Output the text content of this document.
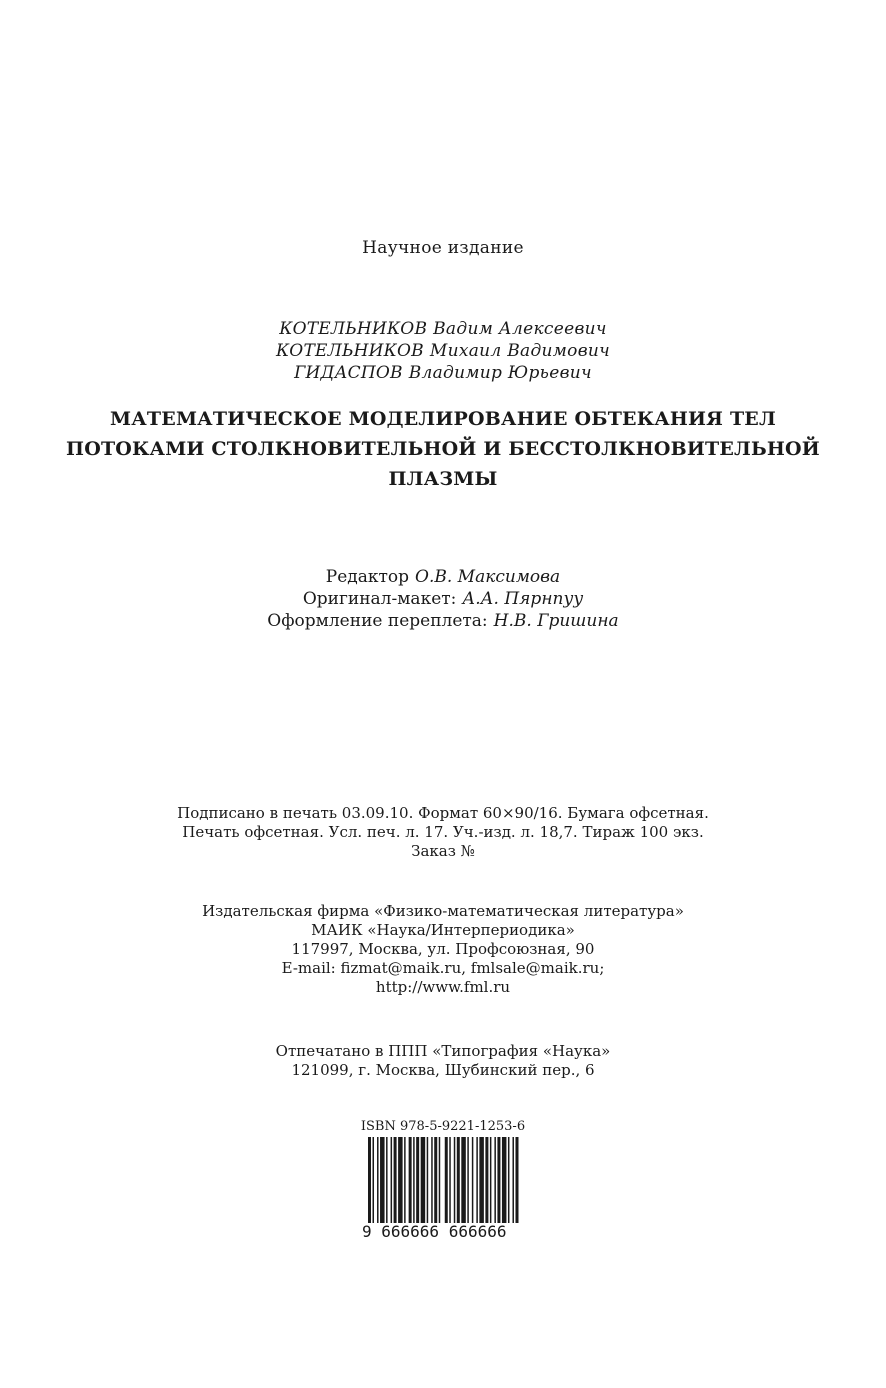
Научное издание
КОТЕЛЬНИКОВ Вадим Алексеевич
КОТЕЛЬНИКОВ Михаил Вадимович
ГИДАСПОВ Владимир Юрьевич
МАТЕМАТИЧЕСКОЕ МОДЕЛИРОВАНИЕ ОБТЕКАНИЯ ТЕЛ
ПОТОКАМИ СТОЛКНОВИТЕЛЬНОЙ И БЕССТОЛКНОВИТЕЛЬНОЙ
ПЛАЗМЫ
Редактор О.В. Максимова
Оригинал-макет: А.А. Пярнпуу
Оформление переплета: Н.В. Гришина
Подписано в печать 03.09.10. Формат 60×90/16. Бумага офсетная.
Печать офсетная. Усл. печ. л. 17. Уч.-изд. л. 18,7. Тираж 100 экз.
Заказ №
Издательская фирма «Физико-математическая литература»
МАИК «Наука/Интерпериодика»
117997, Москва, ул. Профсоюзная, 90
E-mail: fizmat@maik.ru, fmlsale@maik.ru;
http://www.fml.ru
Отпечатано в ППП «Типография «Наука»
121099, г. Москва, Шубинский пер., 6
ISBN 978-5-9221-1253-6
9 666666 666666
